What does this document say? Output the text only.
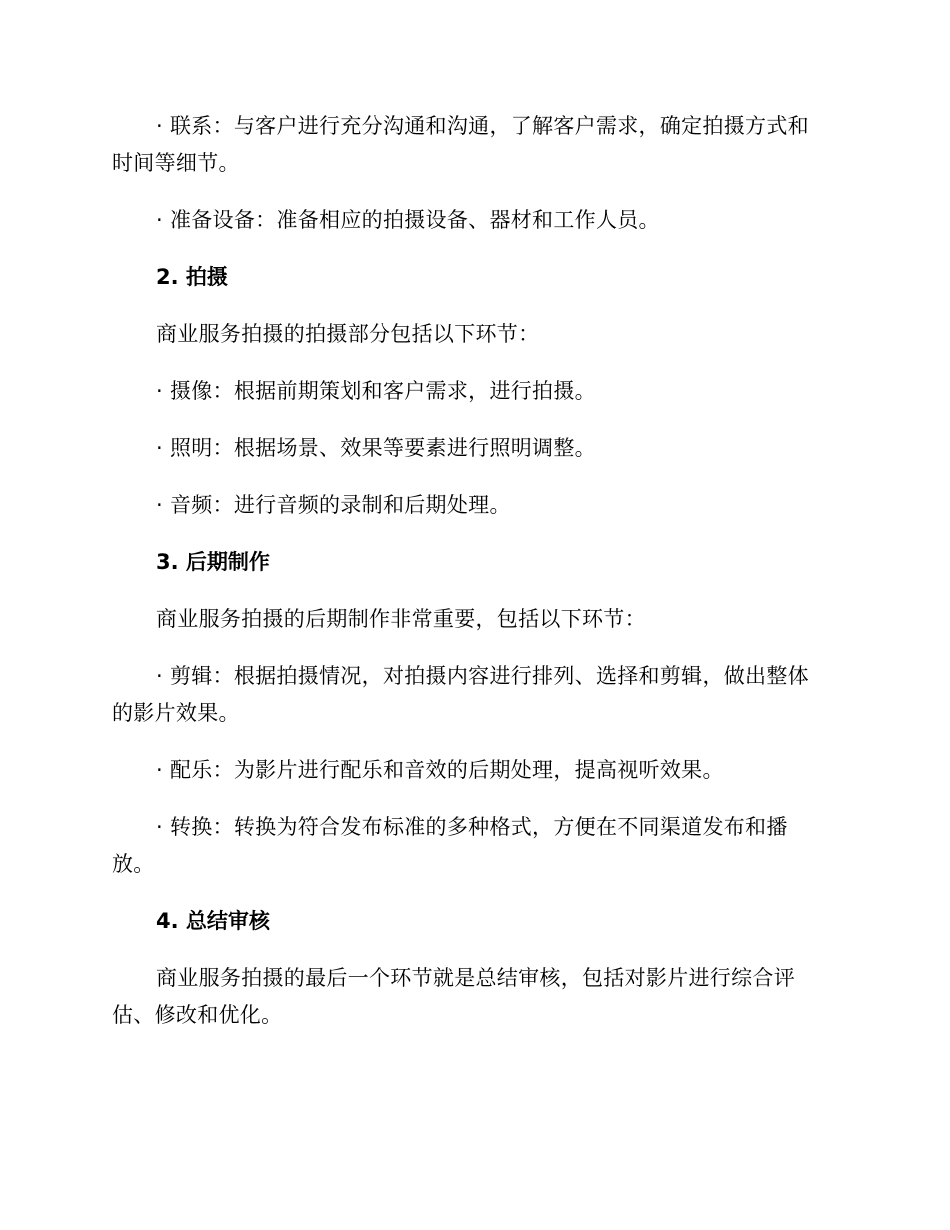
· 联系：与客户进行充分沟通和沟通，了解客户需求，确定拍摄方式和时间等细节。

· 准备设备：准备相应的拍摄设备、器材和工作人员。

2. 拍摄

商业服务拍摄的拍摄部分包括以下环节：

· 摄像：根据前期策划和客户需求，进行拍摄。

· 照明：根据场景、效果等要素进行照明调整。

· 音频：进行音频的录制和后期处理。

3. 后期制作

商业服务拍摄的后期制作非常重要，包括以下环节：

· 剪辑：根据拍摄情况，对拍摄内容进行排列、选择和剪辑，做出整体的影片效果。

· 配乐：为影片进行配乐和音效的后期处理，提高视听效果。

· 转换：转换为符合发布标准的多种格式，方便在不同渠道发布和播放。

4. 总结审核

商业服务拍摄的最后一个环节就是总结审核，包括对影片进行综合评估、修改和优化。
